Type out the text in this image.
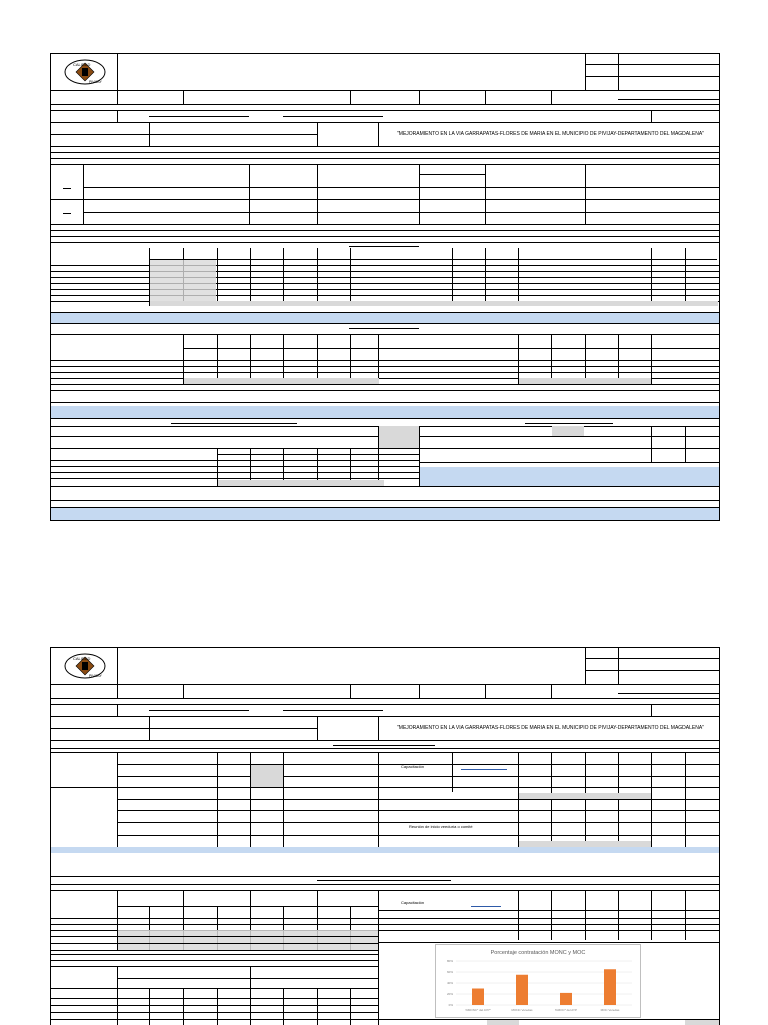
CALIDAD
PIVIJAY
"MEJORAMIENTO EN LA VIA GARRAPATAS-FLORES DE MARIA EN EL MUNICIPIO DE PIVIJAY-DEPARTAMENTO DEL MAGDALENA"
CALIDAD
PIVIJAY
"MEJORAMIENTO EN LA VIA GARRAPATAS-FLORES DE MARIA EN EL MUNICIPIO DE PIVIJAY-DEPARTAMENTO DEL MAGDALENA"
Capacitación
Reunión de inicio veeduría o comité
Capacitación
Porcentaje contratación MONC y MOC
0%
20%
40%
60%
80%
%MONC* del AYP*	MONC Veredas	%MOC* del AYP	MOC Veredas
